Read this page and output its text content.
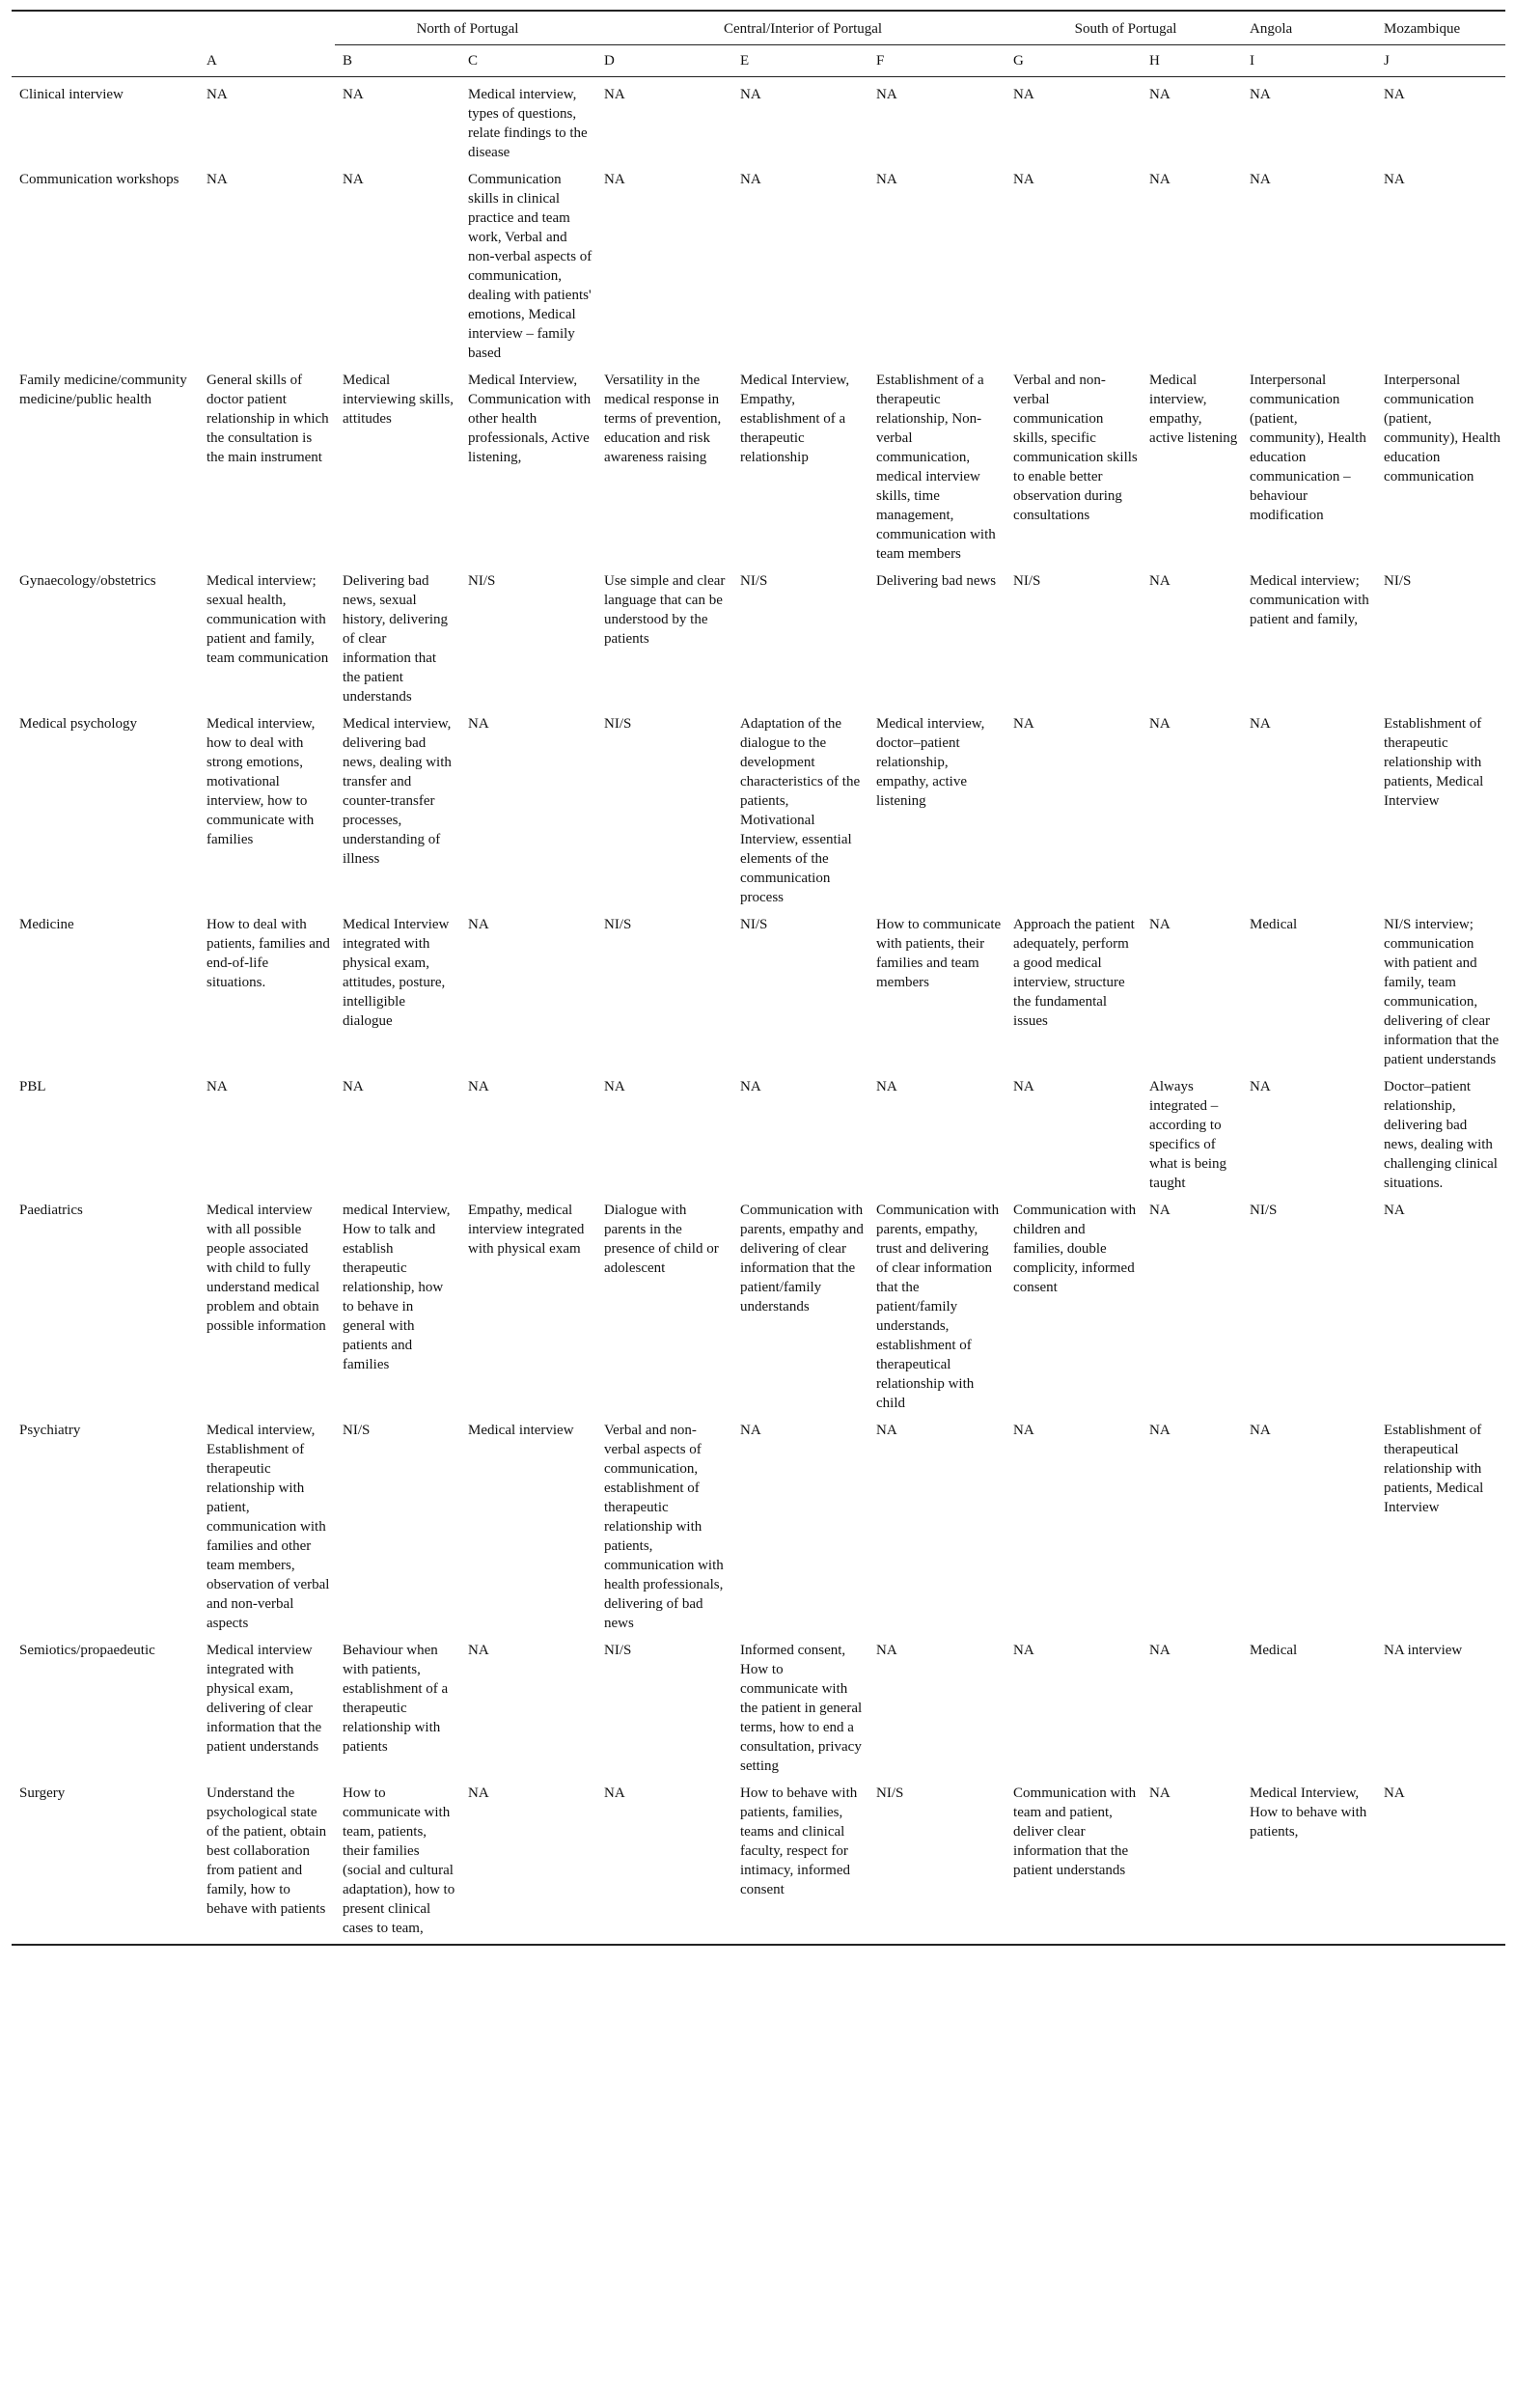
		North of Portugal		Central/Interior of Portugal			South of Portugal		Angola	Mozambique
	A	B	C	D	E	F	G	H	I	J
Clinical interview	NA	NA	Medical interview, types of questions, relate findings to the disease	NA	NA	NA	NA	NA	NA	NA
Communication workshops	NA	NA	Communication skills in clinical practice and team work, Verbal and non-verbal aspects of communication, dealing with patients' emotions, Medical interview – family based	NA	NA	NA	NA	NA	NA	NA
Family medicine/community medicine/public health	General skills of doctor patient relationship in which the consultation is the main instrument	Medical interviewing skills, attitudes	Medical Interview, Communication with other health professionals, Active listening,	Versatility in the medical response in terms of prevention, education and risk awareness raising	Medical Interview, Empathy, establishment of a therapeutic relationship	Establishment of a therapeutic relationship, Non-verbal communication, medical interview skills, time management, communication with team members	Verbal and non-verbal communication skills, specific communication skills to enable better observation during consultations	Medical interview, empathy, active listening	Interpersonal communication (patient, community), Health education communication – behaviour modification	Interpersonal communication (patient, community), Health education communication
Gynaecology/obstetrics	Medical interview; sexual health, communication with patient and family, team communication	Delivering bad news, sexual history, delivering of clear information that the patient understands	NI/S	Use simple and clear language that can be understood by the patients	NI/S	Delivering bad news	NI/S	NA	Medical interview; communication with patient and family,	NI/S
Medical psychology	Medical interview, how to deal with strong emotions, motivational interview, how to communicate with families	Medical interview, delivering bad news, dealing with transfer and counter-transfer processes, understanding of illness	NA	NI/S	Adaptation of the dialogue to the development characteristics of the patients, Motivational Interview, essential elements of the communication process	Medical interview, doctor–patient relationship, empathy, active listening	NA	NA	NA	Establishment of therapeutic relationship with patients, Medical Interview
Medicine	How to deal with patients, families and end-of-life situations.	Medical Interview integrated with physical exam, attitudes, posture, intelligible dialogue	NA	NI/S	NI/S	How to communicate with patients, their families and team members	Approach the patient adequately, perform a good medical interview, structure the fundamental issues	NA	Medical	NI/S interview; communication with patient and family, team communication, delivering of clear information that the patient understands
PBL	NA	NA	NA	NA	NA	NA	NA	Always integrated – according to specifics of what is being taught	NA	Doctor–patient relationship, delivering bad news, dealing with challenging clinical situations.
Paediatrics	Medical interview with all possible people associated with child to fully understand medical problem and obtain possible information	medical Interview, How to talk and establish therapeutic relationship, how to behave in general with patients and families	Empathy, medical interview integrated with physical exam	Dialogue with parents in the presence of child or adolescent	Communication with parents, empathy and delivering of clear information that the patient/family understands	Communication with parents, empathy, trust and delivering of clear information that the patient/family understands, establishment of therapeutical relationship with child	Communication with children and families, double complicity, informed consent	NA	NI/S	NA
Psychiatry	Medical interview, Establishment of therapeutic relationship with patient, communication with families and other team members, observation of verbal and non-verbal aspects	NI/S	Medical interview	Verbal and non-verbal aspects of communication, establishment of therapeutic relationship with patients, communication with health professionals, delivering of bad news	NA	NA	NA	NA	NA	Establishment of therapeutical relationship with patients, Medical Interview
Semiotics/propaedeutic	Medical interview integrated with physical exam, delivering of clear information that the patient understands	Behaviour when with patients, establishment of a therapeutic relationship with patients	NA	NI/S	Informed consent, How to communicate with the patient in general terms, how to end a consultation, privacy setting	NA	NA	NA	Medical	NA interview
Surgery	Understand the psychological state of the patient, obtain best collaboration from patient and family, how to behave with patients	How to communicate with team, patients, their families (social and cultural adaptation), how to present clinical cases to team,	NA	NA	How to behave with patients, families, teams and clinical faculty, respect for intimacy, informed consent	NI/S	Communication with team and patient, deliver clear information that the patient understands	NA	Medical Interview, How to behave with patients,	NA
